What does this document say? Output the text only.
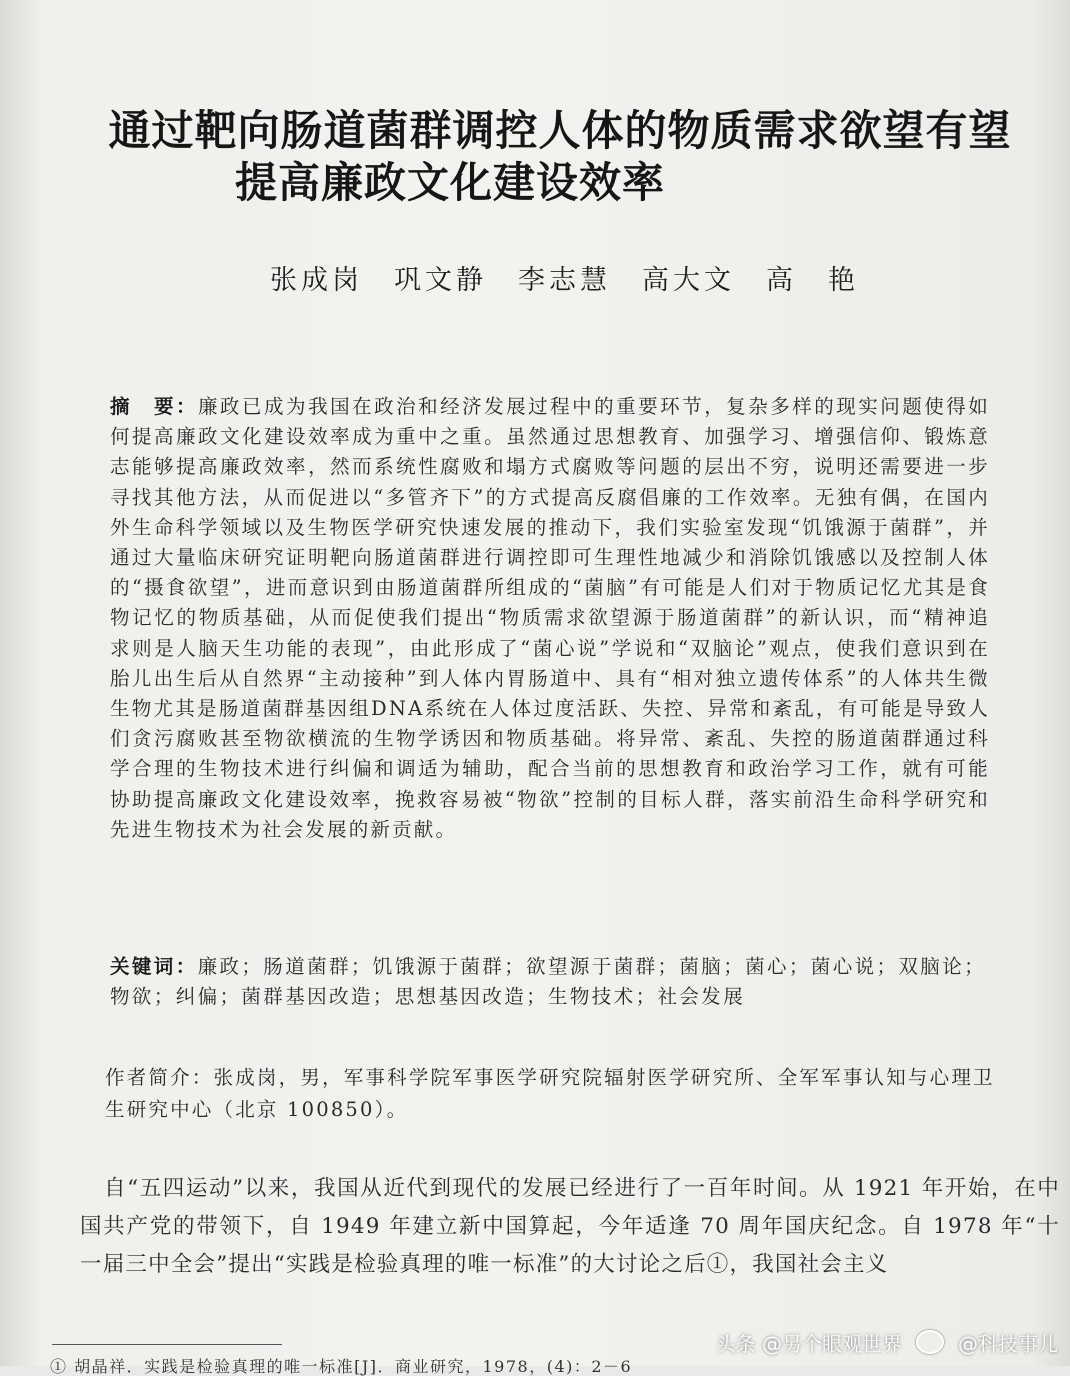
通过靶向肠道菌群调控人体的物质需求欲望有望
提高廉政文化建设效率
张成岗　巩文静　李志慧　高大文　高　艳
摘　要：廉政已成为我国在政治和经济发展过程中的重要环节，复杂多样的现实问题使得如何提高廉政文化建设效率成为重中之重。虽然通过思想教育、加强学习、增强信仰、锻炼意志能够提高廉政效率，然而系统性腐败和塌方式腐败等问题的层出不穷，说明还需要进一步寻找其他方法，从而促进以“多管齐下”的方式提高反腐倡廉的工作效率。无独有偶，在国内外生命科学领域以及生物医学研究快速发展的推动下，我们实验室发现“饥饿源于菌群”，并通过大量临床研究证明靶向肠道菌群进行调控即可生理性地减少和消除饥饿感以及控制人体的“摄食欲望”，进而意识到由肠道菌群所组成的“菌脑”有可能是人们对于物质记忆尤其是食物记忆的物质基础，从而促使我们提出“物质需求欲望源于肠道菌群”的新认识，而“精神追求则是人脑天生功能的表现”，由此形成了“菌心说”学说和“双脑论”观点，使我们意识到在胎儿出生后从自然界“主动接种”到人体内胃肠道中、具有“相对独立遗传体系”的人体共生微生物尤其是肠道菌群基因组DNA系统在人体过度活跃、失控、异常和紊乱，有可能是导致人们贪污腐败甚至物欲横流的生物学诱因和物质基础。将异常、紊乱、失控的肠道菌群通过科学合理的生物技术进行纠偏和调适为辅助，配合当前的思想教育和政治学习工作，就有可能协助提高廉政文化建设效率，挽救容易被“物欲”控制的目标人群，落实前沿生命科学研究和先进生物技术为社会发展的新贡献。
关键词：廉政；肠道菌群；饥饿源于菌群；欲望源于菌群；菌脑；菌心；菌心说；双脑论；物欲；纠偏；菌群基因改造；思想基因改造；生物技术；社会发展
作者简介：张成岗，男，军事科学院军事医学研究院辐射医学研究所、全军军事认知与心理卫生研究中心（北京 100850）。

自“五四运动”以来，我国从近代到现代的发展已经进行了一百年时间。从 1921 年开始，在中国共产党的带领下，自 1949 年建立新中国算起，今年适逢 70 周年国庆纪念。自 1978 年“十一届三中全会”提出“实践是检验真理的唯一标准”的大讨论之后①，我国社会主义

① 胡晶祥．实践是检验真理的唯一标准[J]．商业研究，1978，(4)：2－6
头条 @另个眼观世界	@科技事儿
